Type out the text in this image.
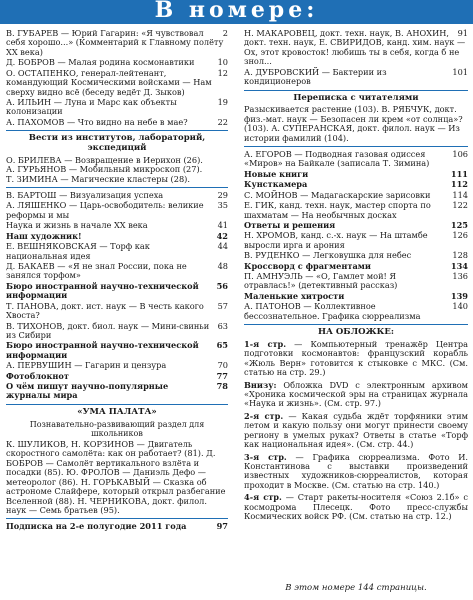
В номере:
2
В. ГУБАРЕВ — Юрий Гагарин: «Я чувствовал себя хорошо...» (Комментарий к Главному полёту XX века)
10
Д. БОБРОВ — Малая родина космонавтики
12
О. ОСТАПЕНКО, генерал-лейтенант, командующий Космическими войсками — Нам сверху видно всё (беседу ведёт Д. Зыков)
19
А. ИЛЬИН — Луна и Марс как объекты колонизации
22
А. ПАХОМОВ — Что видно на небе в мае?
Вести из институтов, лабораторий, экспедиций
О. БРИЛЕВА — Возвращение в Иерихон (26).
А. ГУРЬЯНОВ — Мобильный микроскоп (27).
Т. ЗИМИНА — Магические кластеры (28).
29
В. БАРТОШ — Визуализация успеха
35
А. ЛЯШЕНКО — Царь-освободитель: великие реформы и мы
41
Наука и жизнь в начале XX века
42
Наш художник!
44
Е. ВЕШНЯКОВСКАЯ — Торф как национальная идея
48
Д. БАКАЕВ — «Я не знал России, пока не занялся торфом»
56
Бюро иностранной научно-технической информации
57
Т. ПАНОВА, докт. ист. наук — В честь какого Хвоста?
63
В. ТИХОНОВ, докт. биол. наук — Мини-свиньи из Сибири
65
Бюро иностранной научно-технической информации
70
А. ПЕРВУШИН — Гагарин и цензура
77
Фотоблокнот
78
О чём пишут научно-популярные журналы мира
«УМА ПАЛАТА»
Познавательно-развивающий раздел для школьников
К. ШУЛИКОВ, Н. КОРЗИНОВ — Двигатель скоростного самолёта: как он работает? (81). Д. БОБРОВ — Самолёт вертикального взлёта и посадки (85). Ю. ФРОЛОВ — Даниэль Дефо — метеоролог (86). Н. ГОРЬКАВЫЙ — Сказка об астрономе Слайфере, который открыл разбегание Вселенной (88). Н. ЧЕРНИКОВА, докт. филол. наук — Семь братьев (95).
97
Подписка на 2-е полугодие 2011 года
91
Н. МАКАРОВЕЦ, докт. техн. наук, В. АНОХИН, докт. техн. наук, Е. СВИРИДОВ, канд. хим. наук — Ох, этот кровосток! любишь ты в себя, когда б не знол...
101
А. ДУБРОВСКИЙ — Бактерии из кондиционеров
Переписка с читателями
Разыскивается растение (103). В. РЯБЧУК, докт. физ.-мат. наук — Безопасен ли крем «от солнца»? (103). А. СУПЕРАНСКАЯ, докт. филол. наук — Из истории фамилий (104).
106
А. ЕГОРОВ — Подводная газовая одиссея «Миров» на Байкале (записала Т. Зимина)
111
Новые книги
112
Кунсткамера
114
С. МОЙНОВ — Мадагаскарские зарисовки
122
Е. ГИК, канд. техн. наук, мастер спорта по шахматам — На необычных досках
125
Ответы и решения
126
Н. ХРОМОВ, канд. с.-х. наук — На штамбе выросли ирга и арония
128
В. РУДЕНКО — Легковушка для небес
134
Кроссворд с фрагментами
136
П. АМНУЭЛЬ — «О, Гамлет мой! Я отравлась!» (детективный рассказ)
139
Маленькие хитрости
140
А. ПАТОНОВ — Коллективное бессознательное. Графика сюрреализма
НА ОБЛОЖКЕ:

1-я стр. — Компьютерный тренажёр Центра подготовки космонавтов: французский корабль «Жюль Верн» готовится к стыковке с МКС. (См. статью на стр. 29.)

Внизу: Обложка DVD с электронным архивом «Хроника космической эры на страницах журнала «Наука и жизнь». (См. стр. 97.)

2-я стр. — Какая судьба ждёт торфяники этим летом и какую пользу они могут принести своему региону в умелых руках? Ответы в статье «Торф как национальная идея». (См. стр. 44.)

3-я стр. — Графика сюрреализма. Фото И. Константинова с выставки произведений известных художников-сюрреалистов, которая проходит в Москве. (См. статью на стр. 140.)

4-я стр. — Старт ракеты-носителя «Союз 2.1б» с космодрома Плесецк. Фото пресс-службы Космических войск РФ. (См. статью на стр. 12.)

В этом номере 144 страницы.
